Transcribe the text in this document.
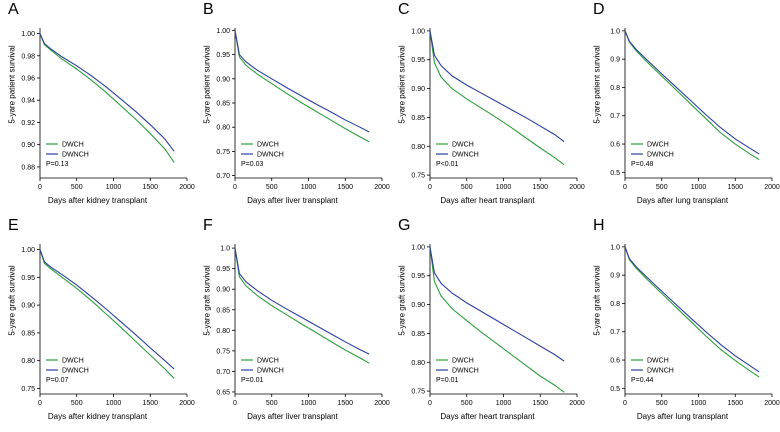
A
5-yare patient survival
Days after kidney transplant
0	500	1000	1500	2000
0.88
0.90
0.92
0.94
0.96
0.98
1.00
DWCH
DWNCH
P=0.13
B
5-yare patient survival
Days after liver transplant
0	500	1000	1500	2000
0.70
0.75
0.80
0.85
0.90
0.95
1.00
DWCH
DWNCH
P=0.03
C
5-yare patient survival
Days after heart transplant
0	500	1000	1500	2000
0.75
0.80
0.85
0.90
0.95
1.00
DWCH
DWNCH
P<0.01
D
5-yare patient survival
Days after lung transplant
0	500	1000	1500	2000
0.5
0.6
0.7
0.8
0.9
1.0
DWCH
DWNCH
P=0.48
E
5-yare graft survival
Days after kidney transplant
0	500	1000	1500	2000
0.75
0.80
0.85
0.90
0.95
1.00
DWCH
DWNCH
P=0.07
F
5-yare graft survival
Days after liver transplant
0	500	1000	1500	2000
0.65
0.70
0.75
0.80
0.85
0.90
0.95
1.0
DWCH
DWNCH
P=0.01
G
5-yare graft survival
Days after heart transplant
0	500	1000	1500	2000
0.75
0.80
0.85
0.90
0.95
1.00
DWCH
DWNCH
P=0.01
H
5-yare graft survival
Days after lung transplant
0	500	1000	1500	2000
0.5
0.6
0.7
0.8
0.9
1.0
DWCH
DWNCH
P=0.44
